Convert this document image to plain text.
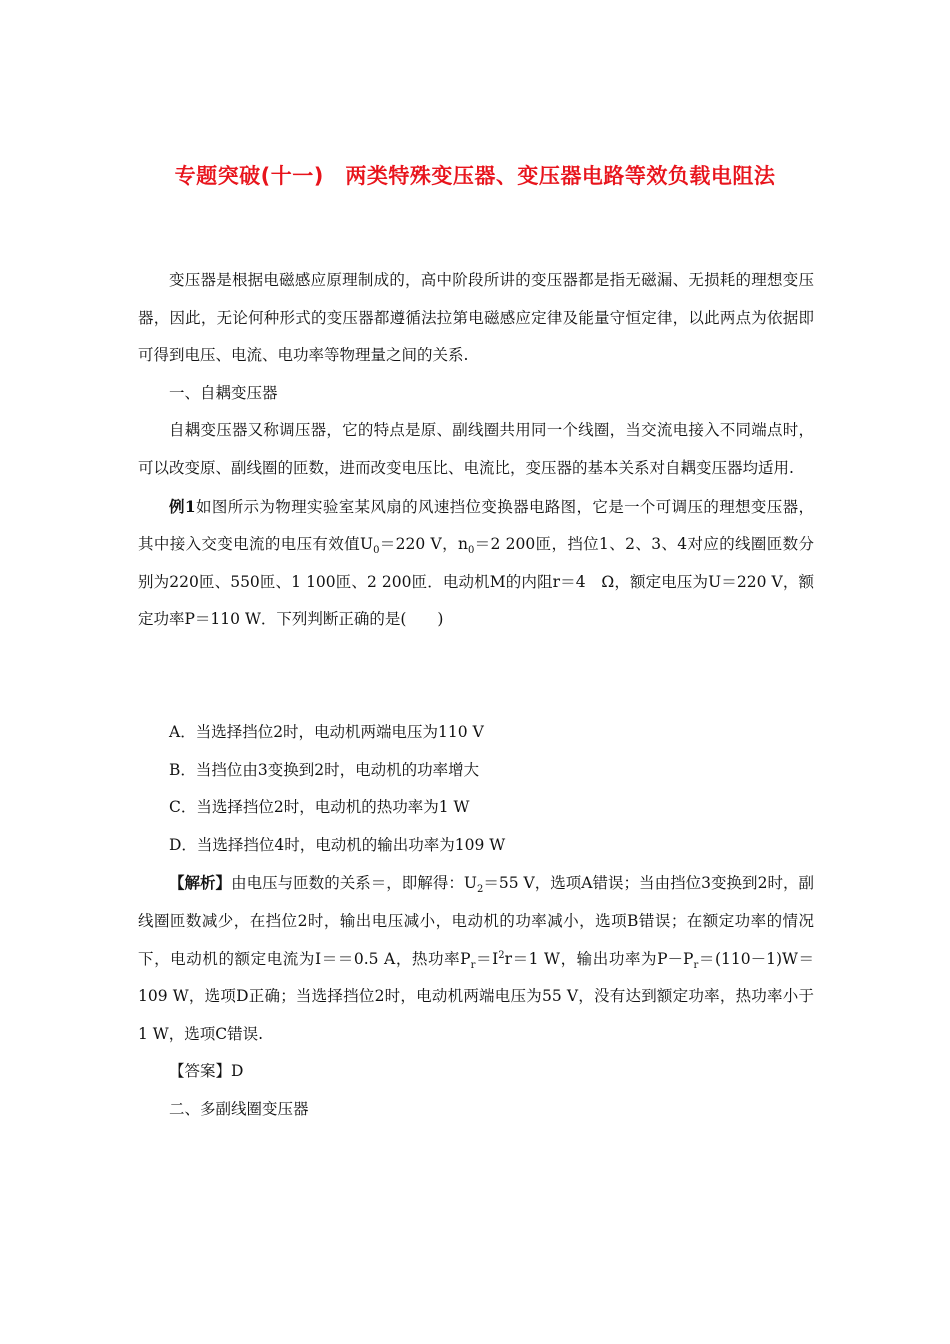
专题突破(十一)　两类特殊变压器、变压器电路等效负载电阻法

变压器是根据电磁感应原理制成的，高中阶段所讲的变压器都是指无磁漏、无损耗的理想变压器，因此，无论何种形式的变压器都遵循法拉第电磁感应定律及能量守恒定律，以此两点为依据即可得到电压、电流、电功率等物理量之间的关系.

一、自耦变压器

自耦变压器又称调压器，它的特点是原、副线圈共用同一个线圈，当交流电接入不同端点时，可以改变原、副线圈的匝数，进而改变电压比、电流比，变压器的基本关系对自耦变压器均适用.

例1如图所示为物理实验室某风扇的风速挡位变换器电路图，它是一个可调压的理想变压器，其中接入交变电流的电压有效值$U_0=220$ V，$n_0=2$ 200匝，挡位1、2、3、4对应的线圈匝数分别为220匝、550匝、1 100匝、2 200匝．电动机M的内阻r＝4　Ω，额定电压为U＝220 V，额定功率P＝110 W．下列判断正确的是(　　)

A．当选择挡位2时，电动机两端电压为110 V

B．当挡位由3变换到2时，电动机的功率增大

C．当选择挡位2时，电动机的热功率为1 W

D．当选择挡位4时，电动机的输出功率为109 W

【解析】由电压与匝数的关系＝，即解得：$U_2=55$ V，选项A错误；当由挡位3变换到2时，副线圈匝数减少，在挡位2时，输出电压减小，电动机的功率减小，选项B错误；在额定功率的情况下，电动机的额定电流为I＝＝0.5 A，热功率$P_r=I^2r=1$ W，输出功率为$P-P_r=(110-1)W=109$ W，选项D正确；当选择挡位2时，电动机两端电压为55 V，没有达到额定功率，热功率小于1 W，选项C错误.

【答案】D

二、多副线圈变压器
